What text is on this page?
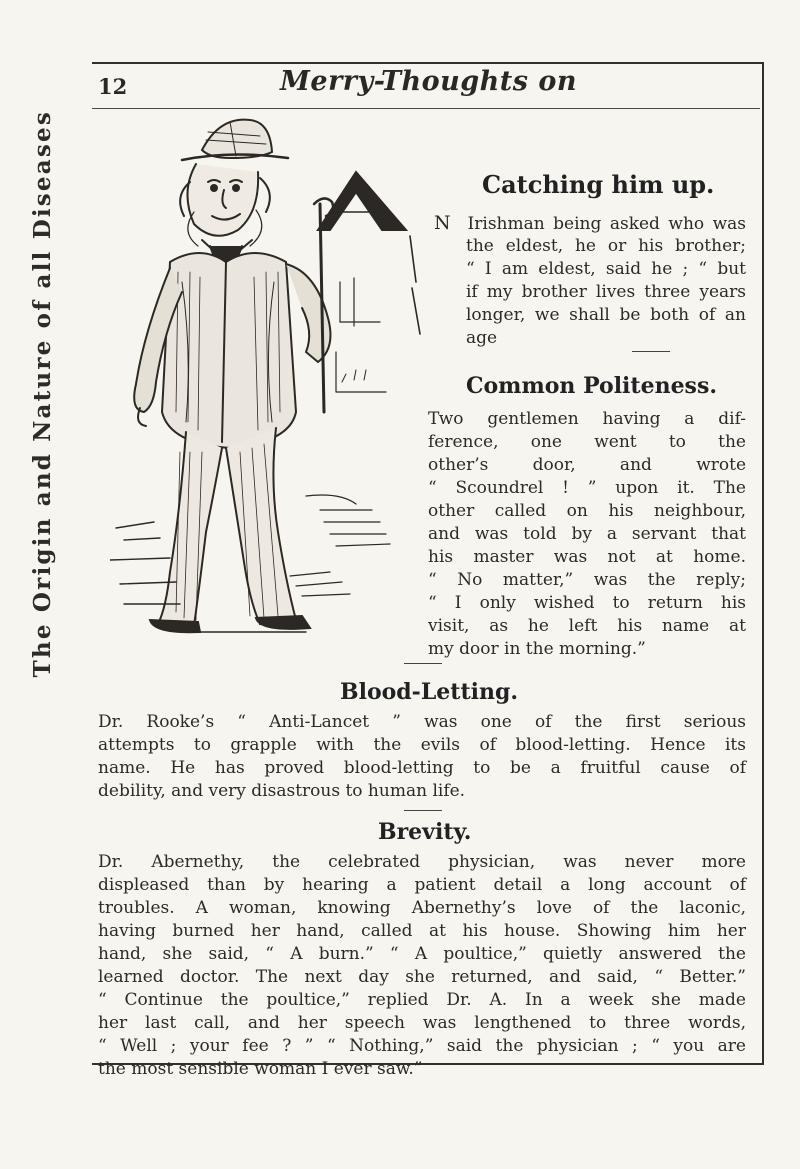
The Origin and Nature of all Diseases
12	Merry-Thoughts on
Catching him up.
N Irishman being asked who was
the eldest, he or his brother;
“ I am eldest, said he ; “ but
if my brother lives three years
longer, we shall be both of an
age
Common Politeness.
Two gentlemen having a dif-
ference, one went to the
other’s door, and wrote
“ Scoundrel ! ” upon it. The
other called on his neighbour,
and was told by a servant that
his master was not at home.
“ No matter,” was the reply;
“ I only wished to return his
visit, as he left his name at
my door in the morning.”
Blood-Letting.
Dr. Rooke’s “ Anti-Lancet ” was one of the first serious
attempts to grapple with the evils of blood-letting. Hence its
name. He has proved blood-letting to be a fruitful cause of
debility, and very disastrous to human life.
Brevity.
Dr. Abernethy, the celebrated physician, was never more
displeased than by hearing a patient detail a long account of
troubles. A woman, knowing Abernethy’s love of the laconic,
having burned her hand, called at his house. Showing him her
hand, she said, “ A burn.” “ A poultice,” quietly answered the
learned doctor. The next day she returned, and said, “ Better.”
“ Continue the poultice,” replied Dr. A. In a week she made
her last call, and her speech was lengthened to three words,
“ Well ; your fee ? ” “ Nothing,” said the physician ; “ you are
the most sensible woman I ever saw.”
